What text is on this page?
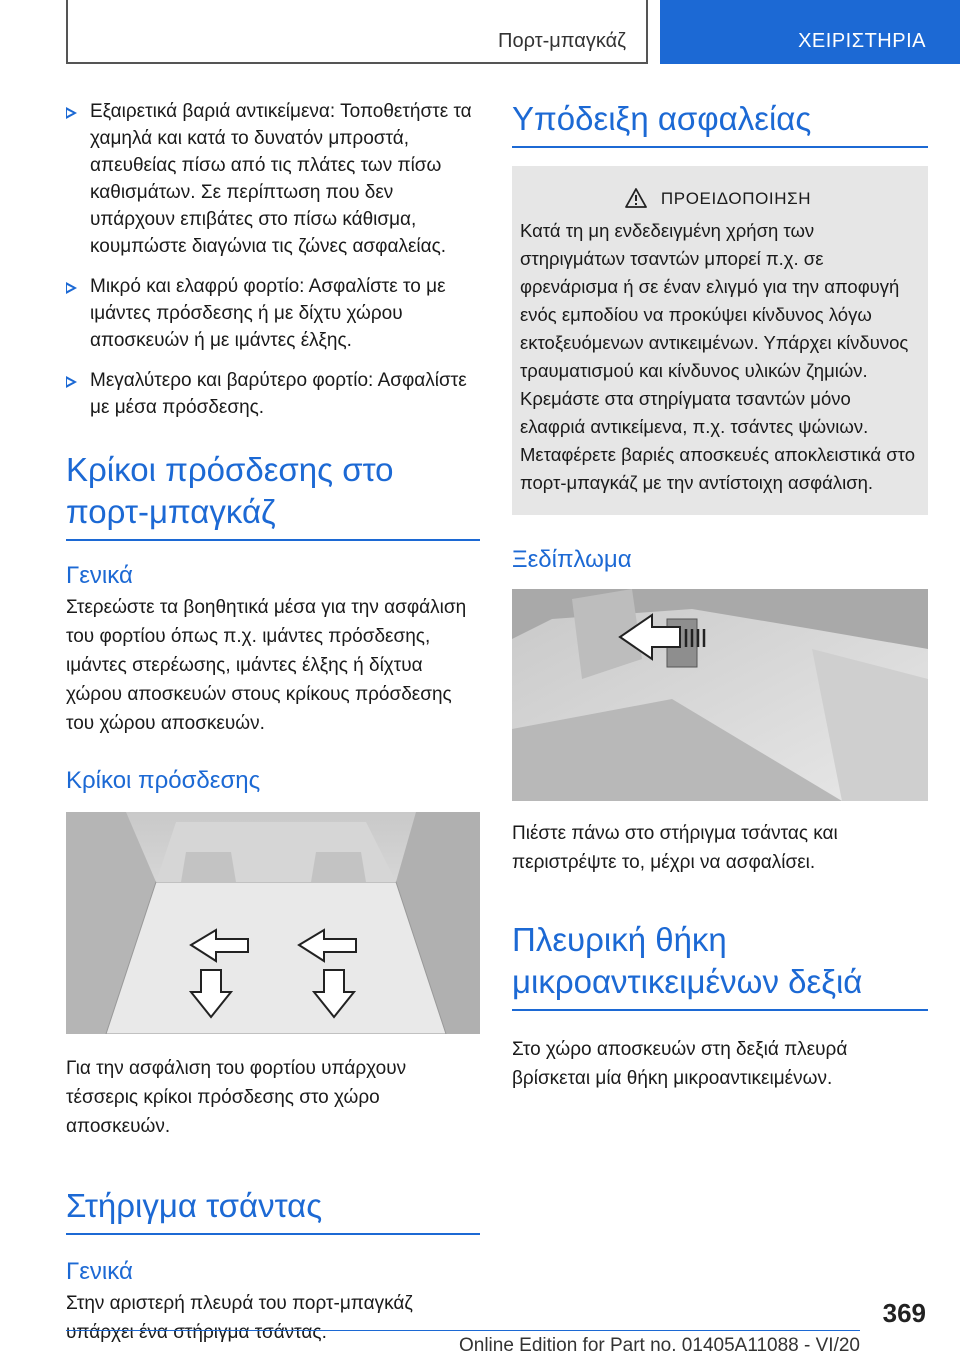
Πορτ-μπαγκάζ	ΧΕΙΡΙΣΤΗΡΙΑ
Εξαιρετικά βαριά αντικείμενα: Τοποθετήστε τα χαμηλά και κατά το δυνατόν μπροστά, απευθείας πίσω από τις πλάτες των πίσω καθισμάτων. Σε περίπτωση που δεν υπάρχουν επιβάτες στο πίσω κάθισμα, κουμπώστε διαγώνια τις ζώνες ασφαλείας.
Μικρό και ελαφρύ φορτίο: Ασφαλίστε το με ιμάντες πρόσδεσης ή με δίχτυ χώρου αποσκευών ή με ιμάντες έλξης.
Μεγαλύτερο και βαρύτερο φορτίο: Ασφαλίστε με μέσα πρόσδεσης.
Κρίκοι πρόσδεσης στο πορτ-μπαγκάζ
Γενικά

Στερεώστε τα βοηθητικά μέσα για την ασφάλιση του φορτίου όπως π.χ. ιμάντες πρόσδεσης, ιμάντες στερέωσης, ιμάντες έλξης ή δίχτυα χώρου αποσκευών στους κρίκους πρόσδεσης του χώρου αποσκευών.

Κρίκοι πρόσδεσης

Για την ασφάλιση του φορτίου υπάρχουν τέσσερις κρίκοι πρόσδεσης στο χώρο αποσκευών.

Στήριγμα τσάντας
Γενικά

Στην αριστερή πλευρά του πορτ-μπαγκάζ υπάρχει ένα στήριγμα τσάντας.

Υπόδειξη ασφαλείας
ΠΡΟΕΙΔΟΠΟΙΗΣΗ

Κατά τη μη ενδεδειγμένη χρήση των στηριγμάτων τσαντών μπορεί π.χ. σε φρενάρισμα ή σε έναν ελιγμό για την αποφυγή ενός εμποδίου να προκύψει κίνδυνος λόγω εκτοξευόμενων αντικειμένων. Υπάρχει κίνδυνος τραυματισμού και κίνδυνος υλικών ζημιών. Κρεμάστε στα στηρίγματα τσαντών μόνο ελαφριά αντικείμενα, π.χ. τσάντες ψώνιων. Μεταφέρετε βαριές αποσκευές αποκλειστικά στο πορτ-μπαγκάζ με την αντίστοιχη ασφάλιση.

Ξεδίπλωμα

Πιέστε πάνω στο στήριγμα τσάντας και περιστρέψτε το, μέχρι να ασφαλίσει.

Πλευρική θήκη μικροαντικειμένων δεξιά

Στο χώρο αποσκευών στη δεξιά πλευρά βρίσκεται μία θήκη μικροαντικειμένων.

369
Online Edition for Part no. 01405A11088 - VI/20
